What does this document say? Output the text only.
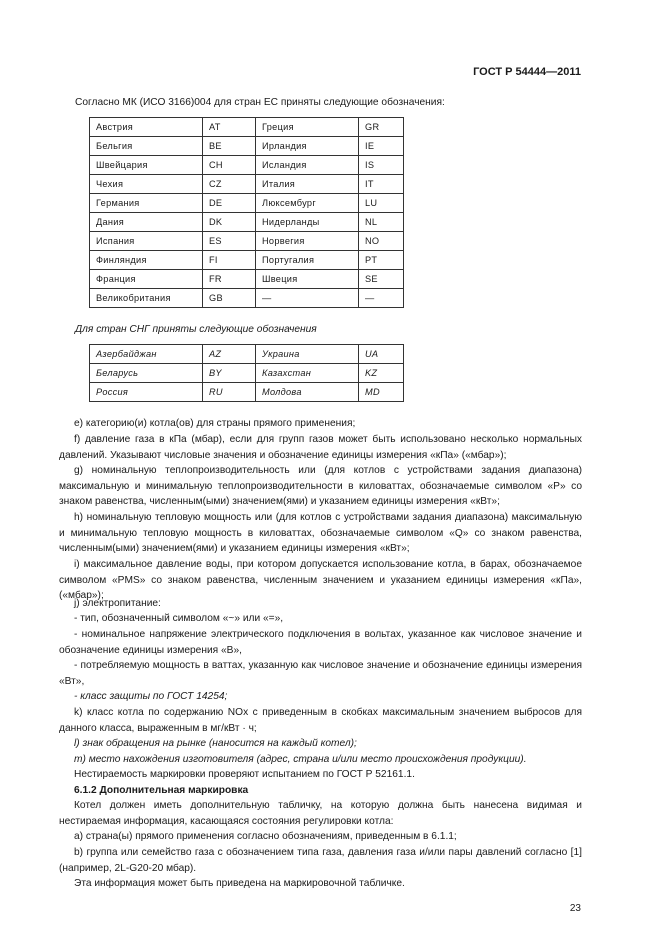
ГОСТ Р 54444—2011
Согласно МК (ИСО 3166)004 для стран ЕС приняты следующие обозначения:
Австрия	AT	Греция	GR
Бельгия	BE	Ирландия	IE
Швейцария	CH	Исландия	IS
Чехия	CZ	Италия	IT
Германия	DE	Люксембург	LU
Дания	DK	Нидерланды	NL
Испания	ES	Норвегия	NO
Финляндия	FI	Португалия	PT
Франция	FR	Швеция	SE
Великобритания	GB	—	—
Для стран СНГ приняты следующие обозначения
Азербайджан	AZ	Украина	UA
Беларусь	BY	Казахстан	KZ
Россия	RU	Молдова	MD
е) категорию(и) котла(ов) для страны прямого применения;
f) давление газа в кПа (мбар), если для групп газов может быть использовано несколько нормальных давлений. Указывают числовые значения и обозначение единицы измерения «кПа» («мбар»);
g) номинальную теплопроизводительность или (для котлов с устройствами задания диапазона) максимальную и минимальную теплопроизводительности в киловаттах, обозначаемые символом «P» со знаком равенства, численным(ыми) значением(ями) и указанием единицы измерения «кВт»;
h) номинальную тепловую мощность или (для котлов с устройствами задания диапазона) максимальную и минимальную тепловую мощность в киловаттах, обозначаемые символом «Q» со знаком равенства, численным(ыми) значением(ями) и указанием единицы измерения «кВт»;
i) максимальное давление воды, при котором допускается использование котла, в барах, обозначаемое символом «PMS» со знаком равенства, численным значением и указанием единицы измерения «кПа», («мбар»);
j) электропитание:
- тип, обозначенный символом «~» или «=»,
- номинальное напряжение электрического подключения в вольтах, указанное как числовое значение и обозначение единицы измерения «В»,
- потребляемую мощность в ваттах, указанную как числовое значение и обозначение единицы измерения «Вт»,
- класс защиты по ГОСТ 14254;
k) класс котла по содержанию NOx с приведенным в скобках максимальным значением выбросов для данного класса, выраженным в мг/кВт · ч;
l) знак обращения на рынке (наносится на каждый котел);
m) место нахождения изготовителя (адрес, страна и/или место происхождения продукции).
Нестираемость маркировки проверяют испытанием по ГОСТ Р 52161.1.
6.1.2 Дополнительная маркировка
Котел должен иметь дополнительную табличку, на которую должна быть нанесена видимая и нестираемая информация, касающаяся состояния регулировки котла:
а) страна(ы) прямого применения согласно обозначениям, приведенным в 6.1.1;
b) группа или семейство газа с обозначением типа газа, давления газа и/или пары давлений согласно [1] (например, 2L-G20-20 мбар).
Эта информация может быть приведена на маркировочной табличке.
23
